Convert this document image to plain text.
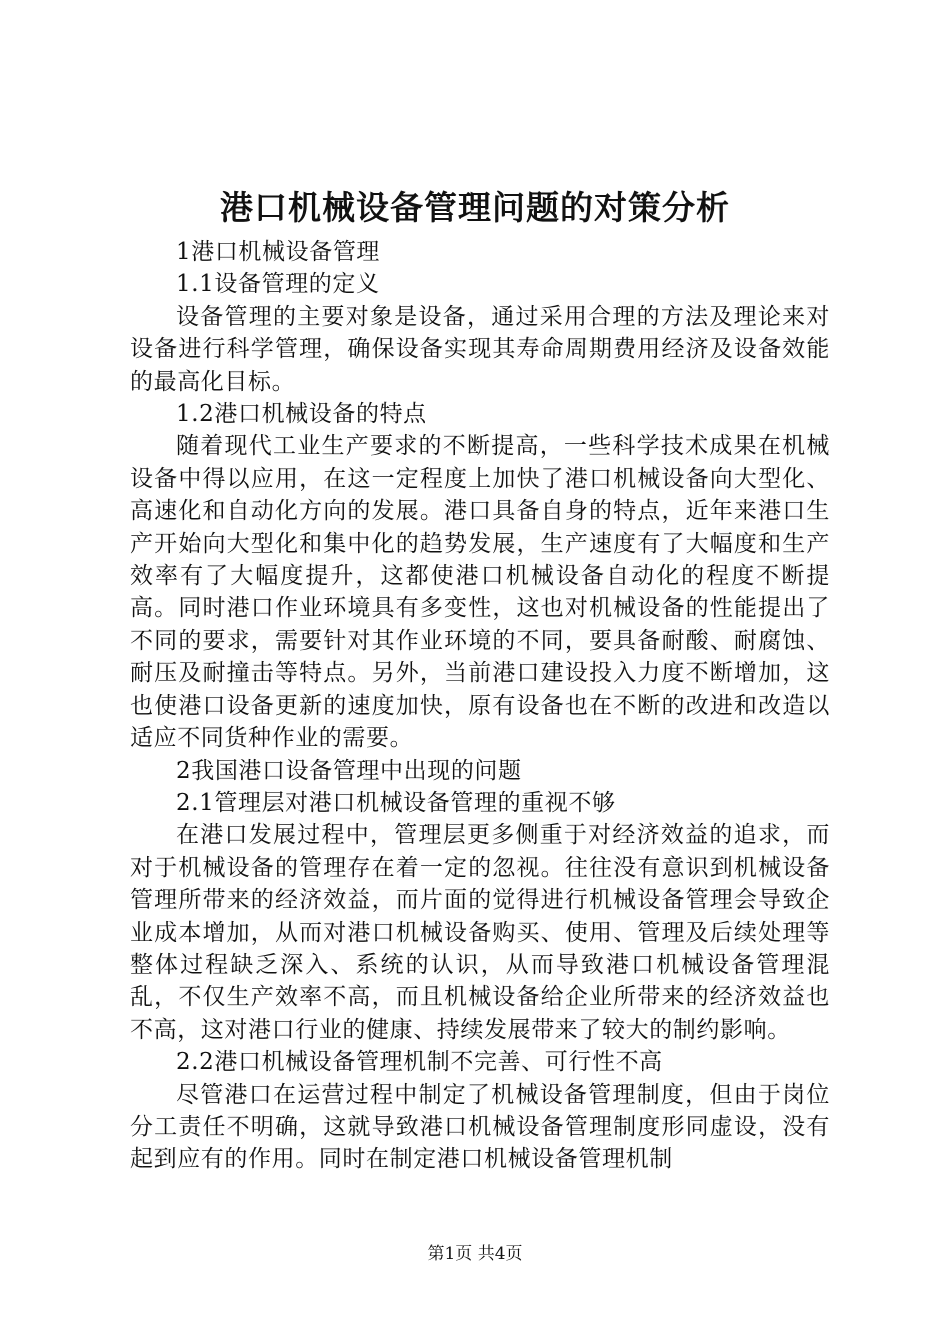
港口机械设备管理问题的对策分析

1港口机械设备管理

1.1设备管理的定义

设备管理的主要对象是设备，通过采用合理的方法及理论来对设备进行科学管理，确保设备实现其寿命周期费用经济及设备效能的最高化目标。

1.2港口机械设备的特点

随着现代工业生产要求的不断提高，一些科学技术成果在机械设备中得以应用，在这一定程度上加快了港口机械设备向大型化、高速化和自动化方向的发展。港口具备自身的特点，近年来港口生产开始向大型化和集中化的趋势发展，生产速度有了大幅度和生产效率有了大幅度提升，这都使港口机械设备自动化的程度不断提高。同时港口作业环境具有多变性，这也对机械设备的性能提出了不同的要求，需要针对其作业环境的不同，要具备耐酸、耐腐蚀、耐压及耐撞击等特点。另外，当前港口建设投入力度不断增加，这也使港口设备更新的速度加快，原有设备也在不断的改进和改造以适应不同货种作业的需要。

2我国港口设备管理中出现的问题

2.1管理层对港口机械设备管理的重视不够

在港口发展过程中，管理层更多侧重于对经济效益的追求，而对于机械设备的管理存在着一定的忽视。往往没有意识到机械设备管理所带来的经济效益，而片面的觉得进行机械设备管理会导致企业成本增加，从而对港口机械设备购买、使用、管理及后续处理等整体过程缺乏深入、系统的认识，从而导致港口机械设备管理混乱，不仅生产效率不高，而且机械设备给企业所带来的经济效益也不高，这对港口行业的健康、持续发展带来了较大的制约影响。

2.2港口机械设备管理机制不完善、可行性不高

尽管港口在运营过程中制定了机械设备管理制度，但由于岗位分工责任不明确，这就导致港口机械设备管理制度形同虚设，没有起到应有的作用。同时在制定港口机械设备管理机制

第1页 共4页
